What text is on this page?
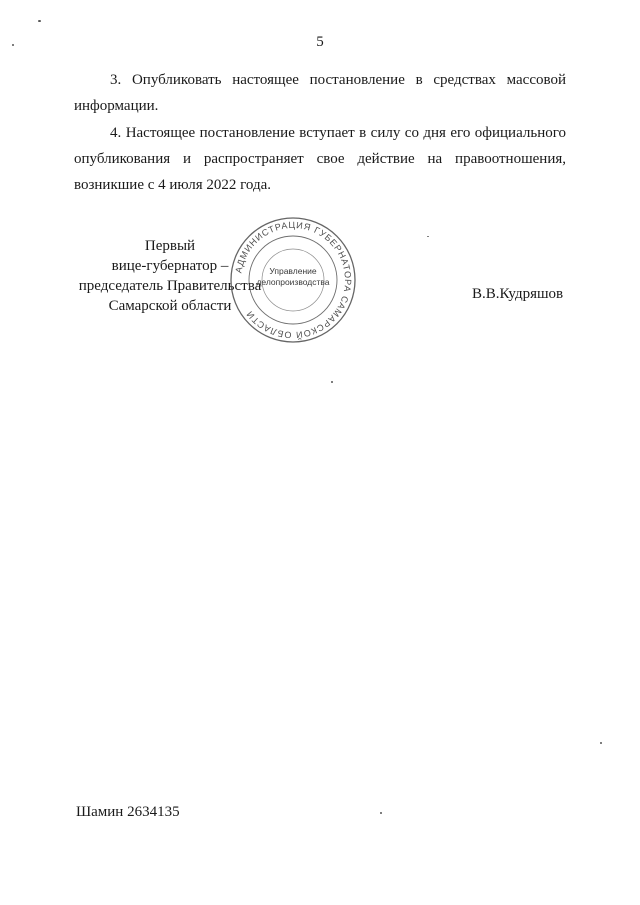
5

3. Опубликовать настоящее постановление в средствах массовой информации.

4. Настоящее постановление вступает в силу со дня его официального опубликования и распространяет свое действие на правоотношения, возникшие с 4 июля 2022 года.

Первый
вице-губернатор –
председатель Правительства
Самарской области
АДМИНИСТРАЦИЯ ГУБЕРНАТОРА САМАРСКОЙ ОБЛАСТИ
Управление
делопроизводства
В.В.Кудряшов
Шамин 2634135
